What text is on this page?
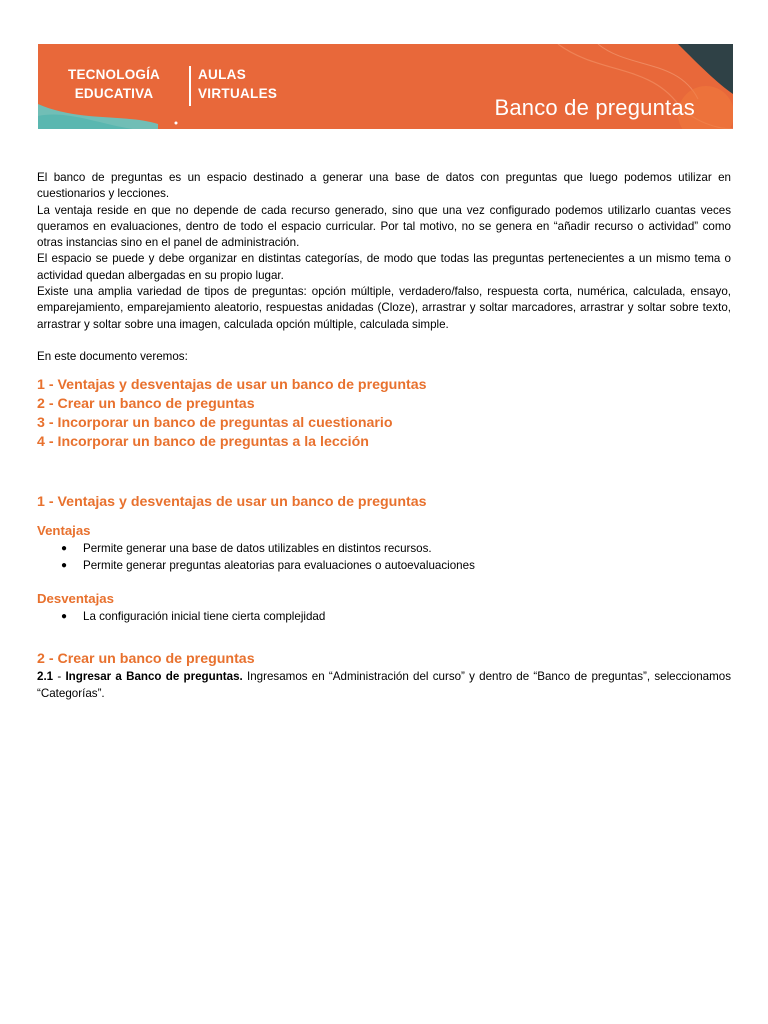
TECNOLOGÍA
EDUCATIVA
AULAS
VIRTUALES
Banco de preguntas

El banco de preguntas es un espacio destinado a generar una base de datos con preguntas que luego podemos utilizar en cuestionarios y lecciones.

La ventaja reside en que no depende de cada recurso generado, sino que una vez configurado podemos utilizarlo cuantas veces queramos en evaluaciones, dentro de todo el espacio curricular. Por tal motivo, no se genera en “añadir recurso o actividad” como otras instancias sino en el panel de administración.

El espacio se puede y debe organizar en distintas categorías, de modo que todas las preguntas pertenecientes a un mismo tema o actividad quedan albergadas en su propio lugar.

Existe una amplia variedad de tipos de preguntas: opción múltiple, verdadero/falso, respuesta corta, numérica, calculada, ensayo, emparejamiento, emparejamiento aleatorio, respuestas anidadas (Cloze), arrastrar y soltar marcadores, arrastrar y soltar sobre texto, arrastrar y soltar sobre una imagen, calculada opción múltiple, calculada simple.

En este documento veremos:

1 - Ventajas y desventajas de usar un banco de preguntas
2 - Crear un banco de preguntas
3 - Incorporar un banco de preguntas al cuestionario
4 - Incorporar un banco de preguntas a la lección
1 - Ventajas y desventajas de usar un banco de preguntas
Ventajas
● Permite generar una base de datos utilizables en distintos recursos.
● Permite generar preguntas aleatorias para evaluaciones o autoevaluaciones
Desventajas
● La configuración inicial tiene cierta complejidad
2 - Crear un banco de preguntas

2.1 - Ingresar a Banco de preguntas. Ingresamos en “Administración del curso” y dentro de “Banco de preguntas”, seleccionamos “Categorías”.
